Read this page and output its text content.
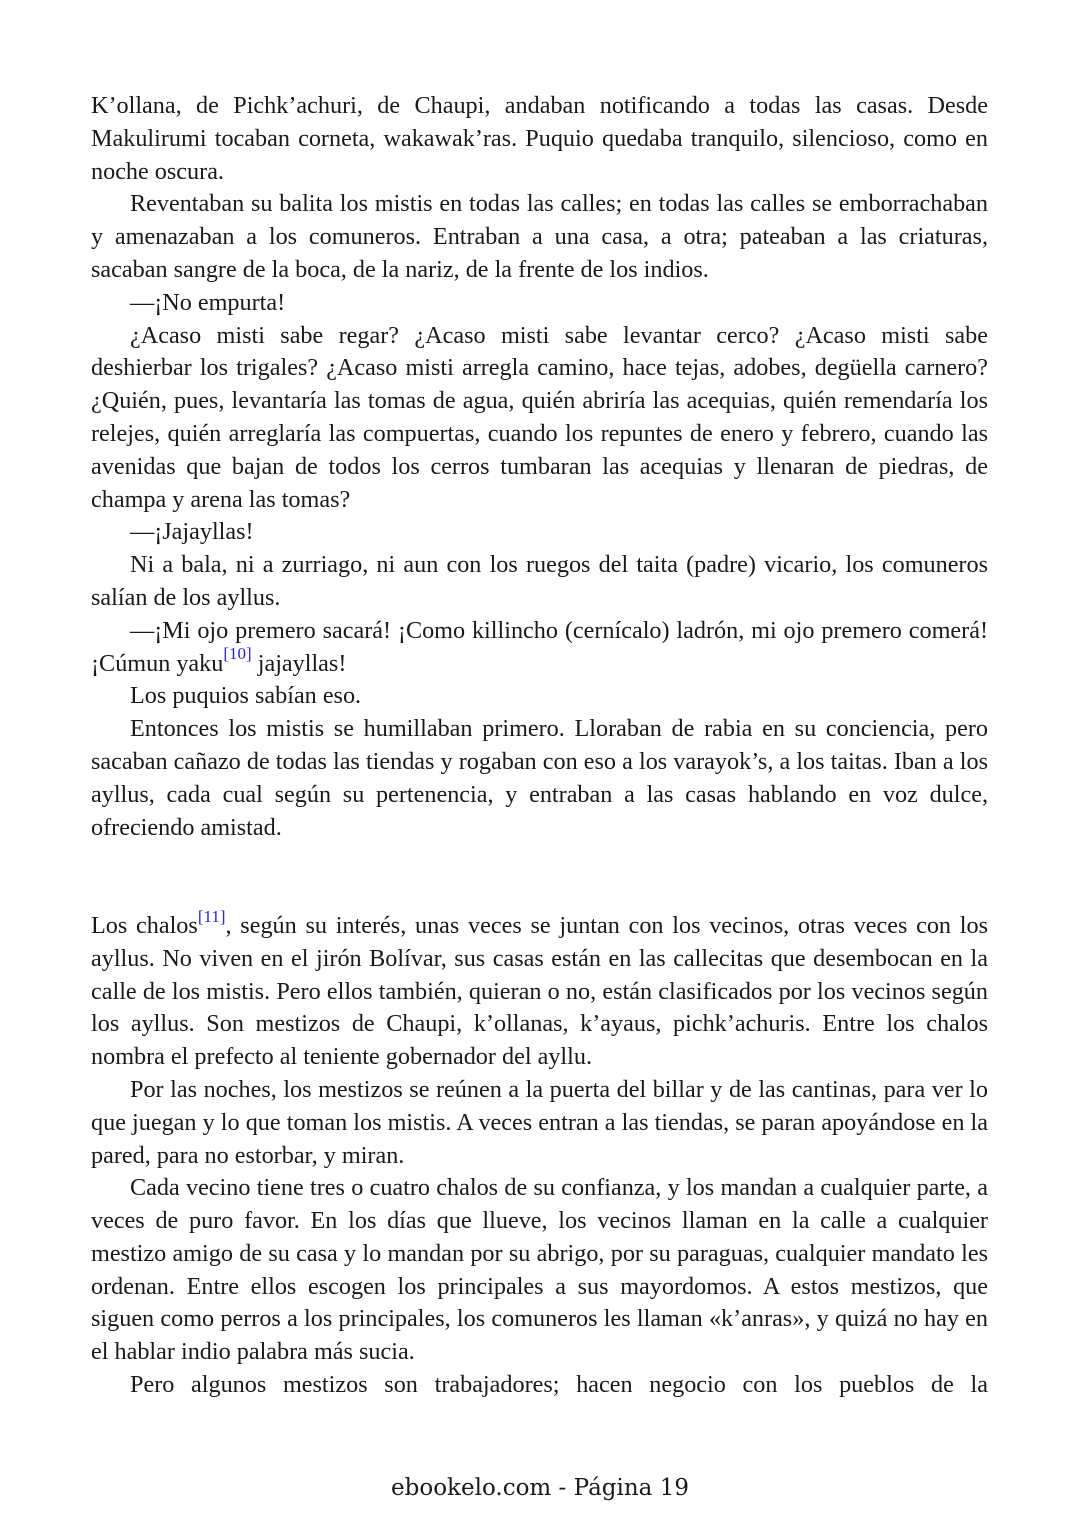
K’ollana, de Pichk’achuri, de Chaupi, andaban notificando a todas las casas. Desde Makulirumi tocaban corneta, wakawak’ras. Puquio quedaba tranquilo, silencioso, como en noche oscura.

Reventaban su balita los mistis en todas las calles; en todas las calles se emborrachaban y amenazaban a los comuneros. Entraban a una casa, a otra; pateaban a las criaturas, sacaban sangre de la boca, de la nariz, de la frente de los indios.

—¡No empurta!

¿Acaso misti sabe regar? ¿Acaso misti sabe levantar cerco? ¿Acaso misti sabe deshierbar los trigales? ¿Acaso misti arregla camino, hace tejas, adobes, degüella carnero? ¿Quién, pues, levantaría las tomas de agua, quién abriría las acequias, quién remendaría los relejes, quién arreglaría las compuertas, cuando los repuntes de enero y febrero, cuando las avenidas que bajan de todos los cerros tumbaran las acequias y llenaran de piedras, de champa y arena las tomas?

—¡Jajayllas!

Ni a bala, ni a zurriago, ni aun con los ruegos del taita (padre) vicario, los comuneros salían de los ayllus.

—¡Mi ojo premero sacará! ¡Como killincho (cernícalo) ladrón, mi ojo premero comerá! ¡Cúmun yaku[10] jajayllas!

Los puquios sabían eso.

Entonces los mistis se humillaban primero. Lloraban de rabia en su conciencia, pero sacaban cañazo de todas las tiendas y rogaban con eso a los varayok’s, a los taitas. Iban a los ayllus, cada cual según su pertenencia, y entraban a las casas hablando en voz dulce, ofreciendo amistad.

Los chalos[11], según su interés, unas veces se juntan con los vecinos, otras veces con los ayllus. No viven en el jirón Bolívar, sus casas están en las callecitas que desembocan en la calle de los mistis. Pero ellos también, quieran o no, están clasificados por los vecinos según los ayllus. Son mestizos de Chaupi, k’ollanas, k’ayaus, pichk’achuris. Entre los chalos nombra el prefecto al teniente gobernador del ayllu.

Por las noches, los mestizos se reúnen a la puerta del billar y de las cantinas, para ver lo que juegan y lo que toman los mistis. A veces entran a las tiendas, se paran apoyándose en la pared, para no estorbar, y miran.

Cada vecino tiene tres o cuatro chalos de su confianza, y los mandan a cualquier parte, a veces de puro favor. En los días que llueve, los vecinos llaman en la calle a cualquier mestizo amigo de su casa y lo mandan por su abrigo, por su paraguas, cualquier mandato les ordenan. Entre ellos escogen los principales a sus mayordomos. A estos mestizos, que siguen como perros a los principales, los comuneros les llaman «k’anras», y quizá no hay en el hablar indio palabra más sucia.

Pero algunos mestizos son trabajadores; hacen negocio con los pueblos de la

ebookelo.com - Página 19
